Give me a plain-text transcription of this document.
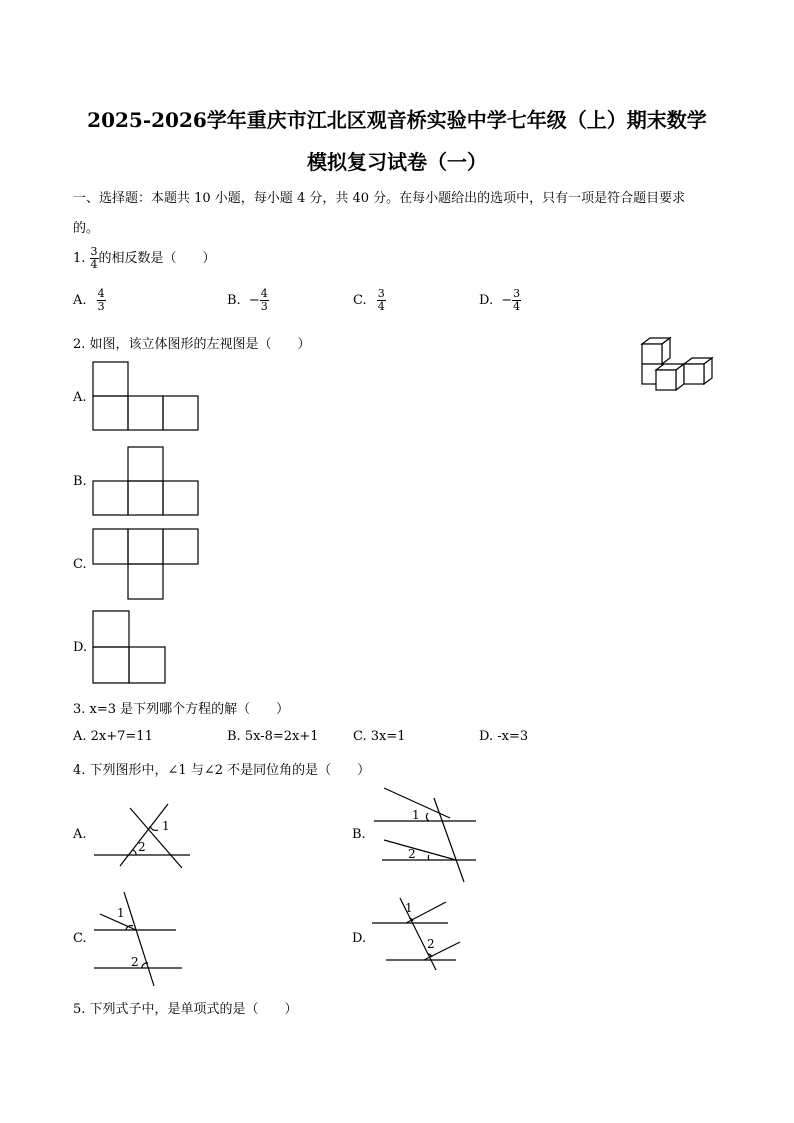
2025-2026学年重庆市江北区观音桥实验中学七年级（上）期末数学
模拟复习试卷（一）
一、选择题：本题共 10 小题，每小题 4 分，共 40 分。在每小题给出的选项中，只有一项是符合题目要求
的。
1. $\frac{3}{4}$ 的相反数是（　　）
A. $\frac{4}{3}$	B. − $\frac{4}{3}$	C. $\frac{3}{4}$	D. − $\frac{3}{4}$
2. 如图，该立体图形的左视图是（　　）
A.
B.
C.
D.
3. x=3 是下列哪个方程的解（　　）
A. 2x+7=11	B. 5x-8=2x+1	C. 3x=1	D. -x=3
4. 下列图形中，∠1 与∠2 不是同位角的是（　　）
A.
1
2
B.
1
2
C.
1
2
D.
1
2
5. 下列式子中，是单项式的是（　　）
